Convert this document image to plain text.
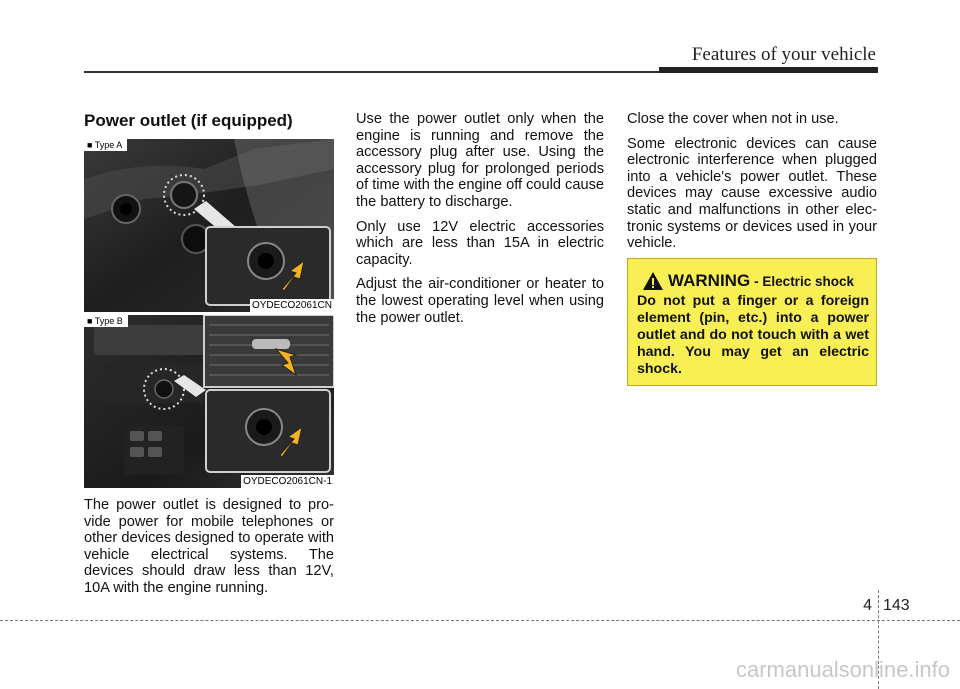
Features of your vehicle
Power outlet (if equipped)
■ Type A
OYDECO2061CN
■ Type B
OYDECO2061CN-1

The power outlet is designed to pro- vide power for mobile telephones or other devices designed to operate with vehicle electrical systems. The devices should draw less than 12V, 10A with the engine running.

Use the power outlet only when the engine is running and remove the accessory plug after use. Using the accessory plug for prolonged periods of time with the engine off could cause the battery to discharge.

Only use 12V electric accessories which are less than 15A in electric capacity.

Adjust the air-conditioner or heater to the lowest operating level when using the power outlet.

Close the cover when not in use.

Some electronic devices can cause electronic interference when plugged into a vehicle's power outlet. These devices may cause excessive audio static and malfunctions in other elec- tronic systems or devices used in your vehicle.

WARNING - Electric shock

Do not put a finger or a foreign element (pin, etc.) into a power outlet and do not touch with a wet hand. You may get an electric shock.

4 143
carmanualsonline.info
